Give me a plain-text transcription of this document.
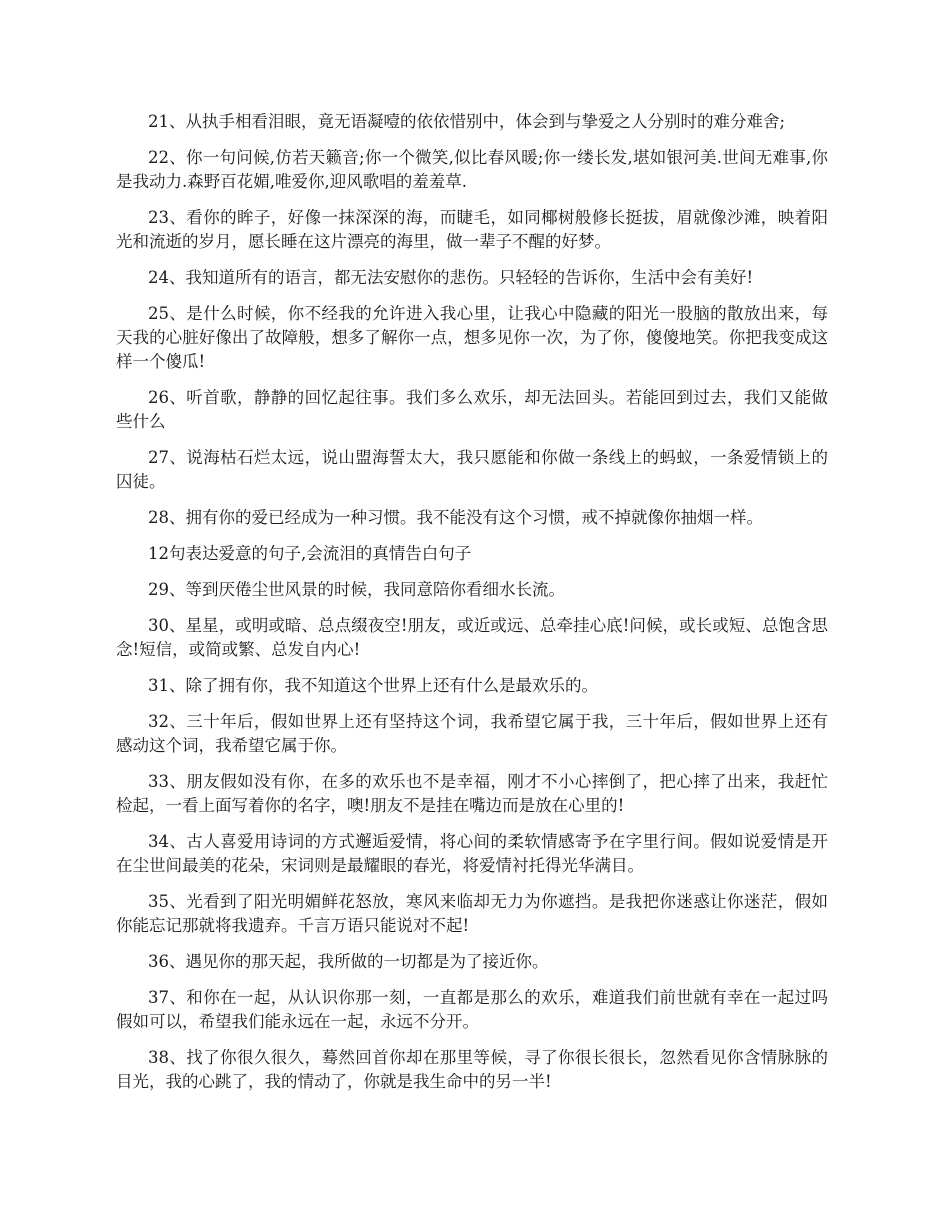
21、从执手相看泪眼，竟无语凝噎的依依惜别中，体会到与挚爱之人分别时的难分难舍;

22、你一句问候,仿若天籁音;你一个微笑,似比春风暖;你一缕长发,堪如银河美.世间无难事,你是我动力.森野百花媚,唯爱你,迎风歌唱的羞羞草.

23、看你的眸子，好像一抹深深的海，而睫毛，如同椰树般修长挺拔，眉就像沙滩，映着阳光和流逝的岁月，愿长睡在这片漂亮的海里，做一辈子不醒的好梦。

24、我知道所有的语言，都无法安慰你的悲伤。只轻轻的告诉你，生活中会有美好!

25、是什么时候，你不经我的允许进入我心里，让我心中隐藏的阳光一股脑的散放出来，每天我的心脏好像出了故障般，想多了解你一点，想多见你一次，为了你，傻傻地笑。你把我变成这样一个傻瓜!

26、听首歌，静静的回忆起往事。我们多么欢乐，却无法回头。若能回到过去，我们又能做些什么

27、说海枯石烂太远，说山盟海誓太大，我只愿能和你做一条线上的蚂蚁，一条爱情锁上的囚徒。

28、拥有你的爱已经成为一种习惯。我不能没有这个习惯，戒不掉就像你抽烟一样。

12句表达爱意的句子,会流泪的真情告白句子

29、等到厌倦尘世风景的时候，我同意陪你看细水长流。

30、星星，或明或暗、总点缀夜空!朋友，或近或远、总牵挂心底!问候，或长或短、总饱含思念!短信，或简或繁、总发自内心!

31、除了拥有你，我不知道这个世界上还有什么是最欢乐的。

32、三十年后，假如世界上还有坚持这个词，我希望它属于我，三十年后，假如世界上还有感动这个词，我希望它属于你。

33、朋友假如没有你，在多的欢乐也不是幸福，刚才不小心摔倒了，把心摔了出来，我赶忙检起，一看上面写着你的名字，噢!朋友不是挂在嘴边而是放在心里的!

34、古人喜爱用诗词的方式邂逅爱情，将心间的柔软情感寄予在字里行间。假如说爱情是开在尘世间最美的花朵，宋词则是最耀眼的春光，将爱情衬托得光华满目。

35、光看到了阳光明媚鲜花怒放，寒风来临却无力为你遮挡。是我把你迷惑让你迷茫，假如你能忘记那就将我遗弃。千言万语只能说对不起!

36、遇见你的那天起，我所做的一切都是为了接近你。

37、和你在一起，从认识你那一刻，一直都是那么的欢乐，难道我们前世就有幸在一起过吗假如可以，希望我们能永远在一起，永远不分开。

38、找了你很久很久，蓦然回首你却在那里等候，寻了你很长很长，忽然看见你含情脉脉的目光，我的心跳了，我的情动了，你就是我生命中的另一半!
